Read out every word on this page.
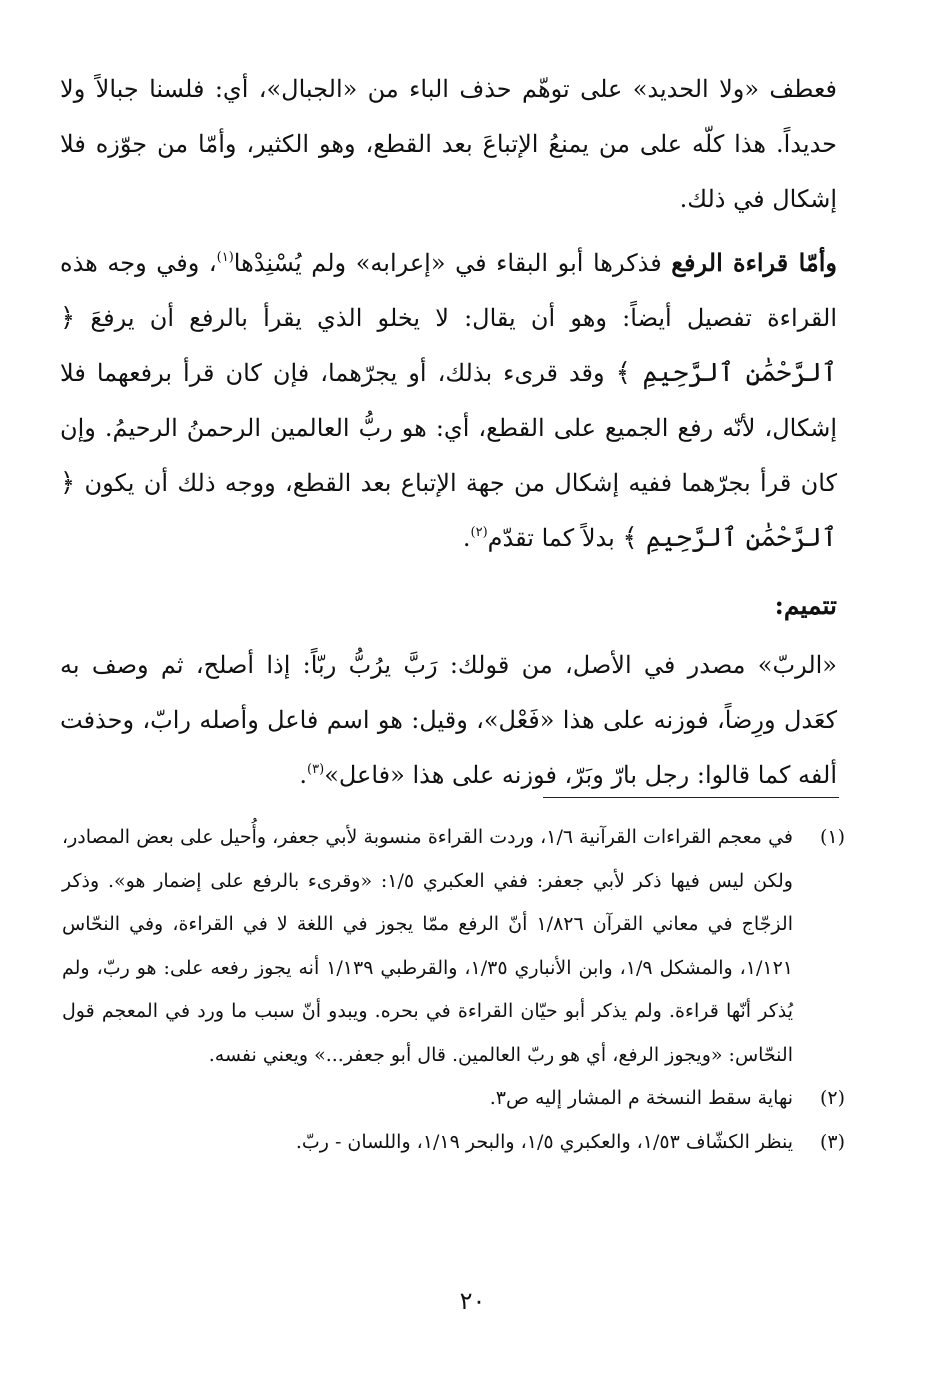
فعطف «ولا الحديد» على توهّم حذف الباء من «الجبال»، أي: فلسنا جبالاً ولا حديداً. هذا كلّه على من يمنعُ الإتباعَ بعد القطع، وهو الكثير، وأمّا من جوّزه فلا إشكال في ذلك.

وأمّا قراءة الرفع فذكرها أبو البقاء في «إعرابه» ولم يُسْنِدْها$^{(١)}$، وفي وجه هذه القراءة تفصيل أيضاً: وهو أن يقال: لا يخلو الذي يقرأ بالرفع أن يرفعَ ﴿ ٱلرَّحْمَٰنِ ٱلرَّحِيمِ ﴾ وقد قرىء بذلك، أو يجرّهما، فإن كان قرأ برفعهما فلا إشكال، لأنّه رفع الجميع على القطع، أي: هو ربُّ العالمين الرحمنُ الرحيمُ. وإن كان قرأ بجرّهما ففيه إشكال من جهة الإتباع بعد القطع، ووجه ذلك أن يكون ﴿ ٱلرَّحْمَٰنِ ٱلرَّحِيمِ ﴾ بدلاً كما تقدّم$^{(٢)}$.

تتميم:

«الربّ» مصدر في الأصل، من قولك: رَبَّ يرُبُّ ربّاً: إذا أصلح، ثم وصف به كعَدل ورِضاً، فوزنه على هذا «فَعْل»، وقيل: هو اسم فاعل وأصله رابّ، وحذفت ألفه كما قالوا: رجل بارّ وبَرّ، فوزنه على هذا «فاعل»$^{(٣)}$.

(١)
في معجم القراءات القرآنية ١/٦، وردت القراءة منسوبة لأبي جعفر، وأُحيل على بعض المصادر، ولكن ليس فيها ذكر لأبي جعفر: ففي العكبري ١/٥: «وقرىء بالرفع على إضمار هو». وذكر الزجّاج في معاني القرآن ١/٨٢٦ أنّ الرفع ممّا يجوز في اللغة لا في القراءة، وفي النحّاس ١/١٢١، والمشكل ١/٩، وابن الأنباري ١/٣٥، والقرطبي ١/١٣٩ أنه يجوز رفعه على: هو ربّ، ولم يُذكر أنّها قراءة. ولم يذكر أبو حيّان القراءة في بحره. ويبدو أنّ سبب ما ورد في المعجم قول النحّاس: «ويجوز الرفع، أي هو ربّ العالمين. قال أبو جعفر...» ويعني نفسه.
(٢)
نهاية سقط النسخة م المشار إليه ص٣.
(٣)
ينظر الكشّاف ١/٥٣، والعكبري ١/٥، والبحر ١/١٩، واللسان - ربّ.
٢٠
